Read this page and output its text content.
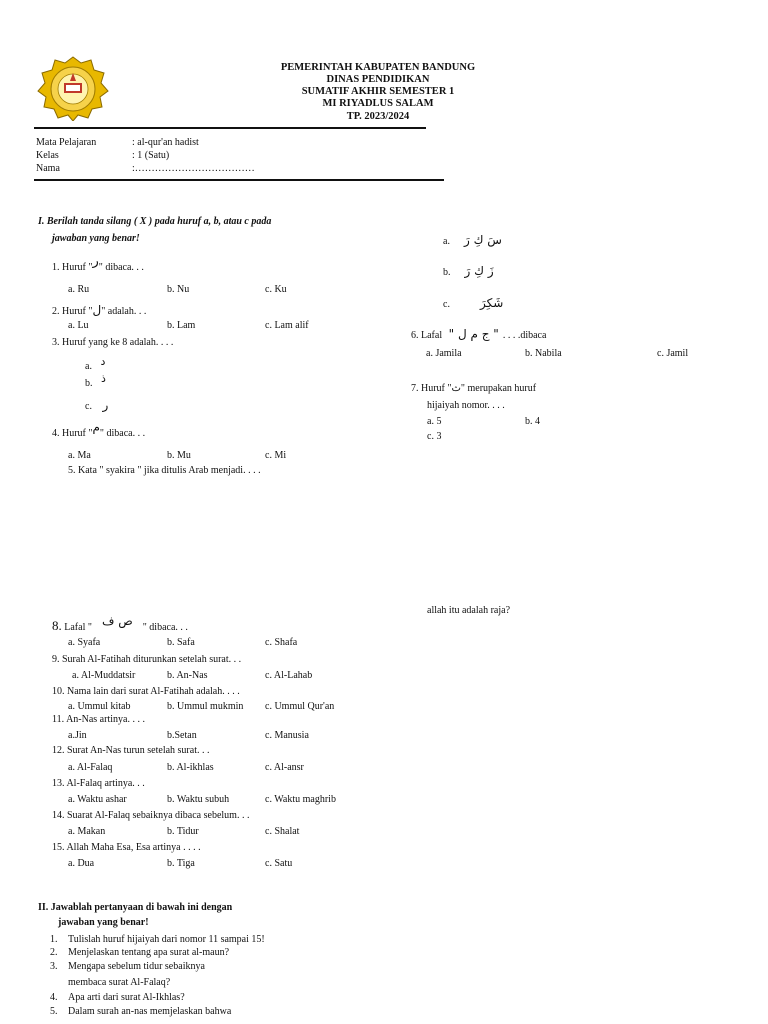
PEMERINTAH KABUPATEN BANDUNG
DINAS PENDIDIKAN
SUMATIF AKHIR SEMESTER 1
MI RIYADLUS SALAM
TP. 2023/2024
Mata Pelajaran	: al-qur'an hadist
Kelas	: 1 (Satu)
Nama	:………………………………
I. Berilah tanda silang ( X ) pada huruf a, b, atau c pada
jawaban yang benar!
1. Huruf "ر" dibaca. . .
a. Ru	b. Nu	c. Ku
2. Huruf "ل" adalah. . .
a. Lu	b. Lam	c. Lam alif
3. Huruf yang ke 8 adalah. . . .
a. د
b. ذ
c. ر
4. Huruf "م" dibaca. . .
a. Ma	b. Mu	c. Mi
5. Kata " syakira " jika ditulis Arab menjadi. . . .
a. سَ كِ رَ
b. زَ كِ رَ
c.	شَكِرَ
6. Lafal " ج م ل " . . . .dibaca
a. Jamila	b. Nabila	c. Jamil
7. Huruf "ث" merupakan huruf
hijaiyah nomor. . . .
a. 5	b. 4
c. 3
allah itu adalah raja?
8. Lafal " ص ف " dibaca. . .
a. Syafa	b. Safa	c. Shafa
9. Surah Al-Fatihah diturunkan setelah surat. . .
a. Al-Muddatsir	b. An-Nas	c. Al-Lahab
10. Nama lain dari surat Al-Fatihah adalah. . . .
a. Ummul kitab	b. Ummul mukmin c. Ummul Qur'an
11. An-Nas artinya. . . .
a.Jin	b.Setan	c. Manusia
12. Surat An-Nas turun setelah surat. . .
a. Al-Falaq	b. Al-ikhlas	c. Al-ansr
13. Al-Falaq artinya. . .
a. Waktu ashar	b. Waktu subuh	c. Waktu maghrib
14. Suarat Al-Falaq sebaiknya dibaca sebelum. . .
a. Makan	b. Tidur	c. Shalat
15. Allah Maha Esa, Esa artinya . . . .
a. Dua	b. Tiga	c. Satu
II. Jawablah pertanyaan di bawah ini dengan
jawaban yang benar!
1. Tulislah huruf hijaiyah dari nomor 11 sampai 15!
2. Menjelaskan tentang apa surat al-maun?
3. Mengapa sebelum tidur sebaiknya
membaca surat Al-Falaq?
4. Apa arti dari surat Al-Ikhlas?
5. Dalam surah an-nas memjelaskan bahwa
